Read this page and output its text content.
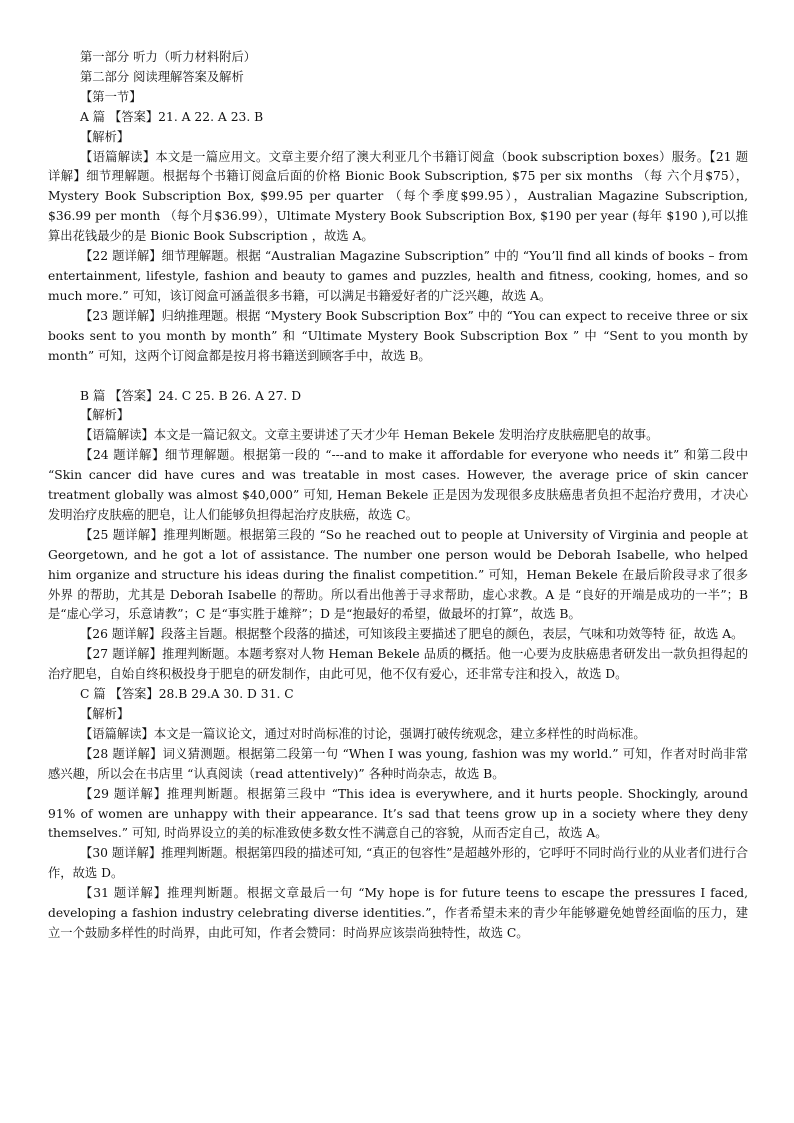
第一部分 听力（听力材料附后）

第二部分 阅读理解答案及解析

【第一节】

A 篇 【答案】21. A 22. A 23. B

【解析】

【语篇解读】本文是一篇应用文。文章主要介绍了澳大利亚几个书籍订阅盒（book subscription boxes）服务。【21 题详解】细节理解题。根据每个书籍订阅盒后面的价格 Bionic Book Subscription, $75 per six months （每 六个月$75），Mystery Book Subscription Box, $99.95 per quarter （每个季度$99.95），Australian Magazine Subscription, $36.99 per month （每个月$36.99），Ultimate Mystery Book Subscription Box, $190 per year (每年 $190 ),可以推算出花钱最少的是 Bionic Book Subscription ，故选 A。

【22 题详解】细节理解题。根据 “Australian Magazine Subscription” 中的 “You’ll find all kinds of books – from entertainment, lifestyle, fashion and beauty to games and puzzles, health and fitness, cooking, homes, and so much more.” 可知，该订阅盒可涵盖很多书籍，可以满足书籍爱好者的广泛兴趣，故选 A。

【23 题详解】归纳推理题。根据 “Mystery Book Subscription Box” 中的 “You can expect to receive three or six books sent to you month by month” 和 “Ultimate Mystery Book Subscription Box ” 中 “Sent to you month by month” 可知，这两个订阅盒都是按月将书籍送到顾客手中，故选 B。

B 篇 【答案】24. C 25. B 26. A 27. D

【解析】

【语篇解读】本文是一篇记叙文。文章主要讲述了天才少年 Heman Bekele 发明治疗皮肤癌肥皂的故事。

【24 题详解】细节理解题。根据第一段的 “---and to make it affordable for everyone who needs it” 和第二段中 “Skin cancer did have cures and was treatable in most cases. However, the average price of skin cancer treatment globally was almost $40,000” 可知, Heman Bekele 正是因为发现很多皮肤癌患者负担不起治疗费用，才决心发明治疗皮肤癌的肥皂，让人们能够负担得起治疗皮肤癌，故选 C。

【25 题详解】推理判断题。根据第三段的 “So he reached out to people at University of Virginia and people at Georgetown, and he got a lot of assistance. The number one person would be Deborah Isabelle, who helped him organize and structure his ideas during the finalist competition.” 可知，Heman Bekele 在最后阶段寻求了很多外界 的帮助，尤其是 Deborah Isabelle 的帮助。所以看出他善于寻求帮助，虚心求教。A 是 “良好的开端是成功的一半”；B 是“虚心学习，乐意请教”；C 是“事实胜于雄辩”；D 是“抱最好的希望，做最坏的打算”，故选 B。

【26 题详解】段落主旨题。根据整个段落的描述，可知该段主要描述了肥皂的颜色，表层，气味和功效等特 征，故选 A。

【27 题详解】推理判断题。本题考察对人物 Heman Bekele 品质的概括。他一心要为皮肤癌患者研发出一款负担得起的治疗肥皂，自始自终积极投身于肥皂的研发制作，由此可见，他不仅有爱心，还非常专注和投入，故选 D。

C 篇 【答案】28.B 29.A 30. D 31. C

【解析】

【语篇解读】本文是一篇议论文，通过对时尚标准的讨论，强调打破传统观念，建立多样性的时尚标准。

【28 题详解】词义猜测题。根据第二段第一句 “When I was young, fashion was my world.” 可知，作者对时尚非常感兴趣，所以会在书店里 “认真阅读（read attentively)” 各种时尚杂志，故选 B。

【29 题详解】推理判断题。根据第三段中 “This idea is everywhere, and it hurts people. Shockingly, around 91% of women are unhappy with their appearance. It’s sad that teens grow up in a society where they deny themselves.” 可知, 时尚界设立的美的标准致使多数女性不满意自己的容貌，从而否定自己，故选 A。

【30 题详解】推理判断题。根据第四段的描述可知, “真正的包容性”是超越外形的，它呼吁不同时尚行业的从业者们进行合作，故选 D。

【31 题详解】推理判断题。根据文章最后一句 “My hope is for future teens to escape the pressures I faced, developing a fashion industry celebrating diverse identities.”，作者希望未来的青少年能够避免她曾经面临的压力，建立一个鼓励多样性的时尚界，由此可知，作者会赞同：时尚界应该崇尚独特性，故选 C。
